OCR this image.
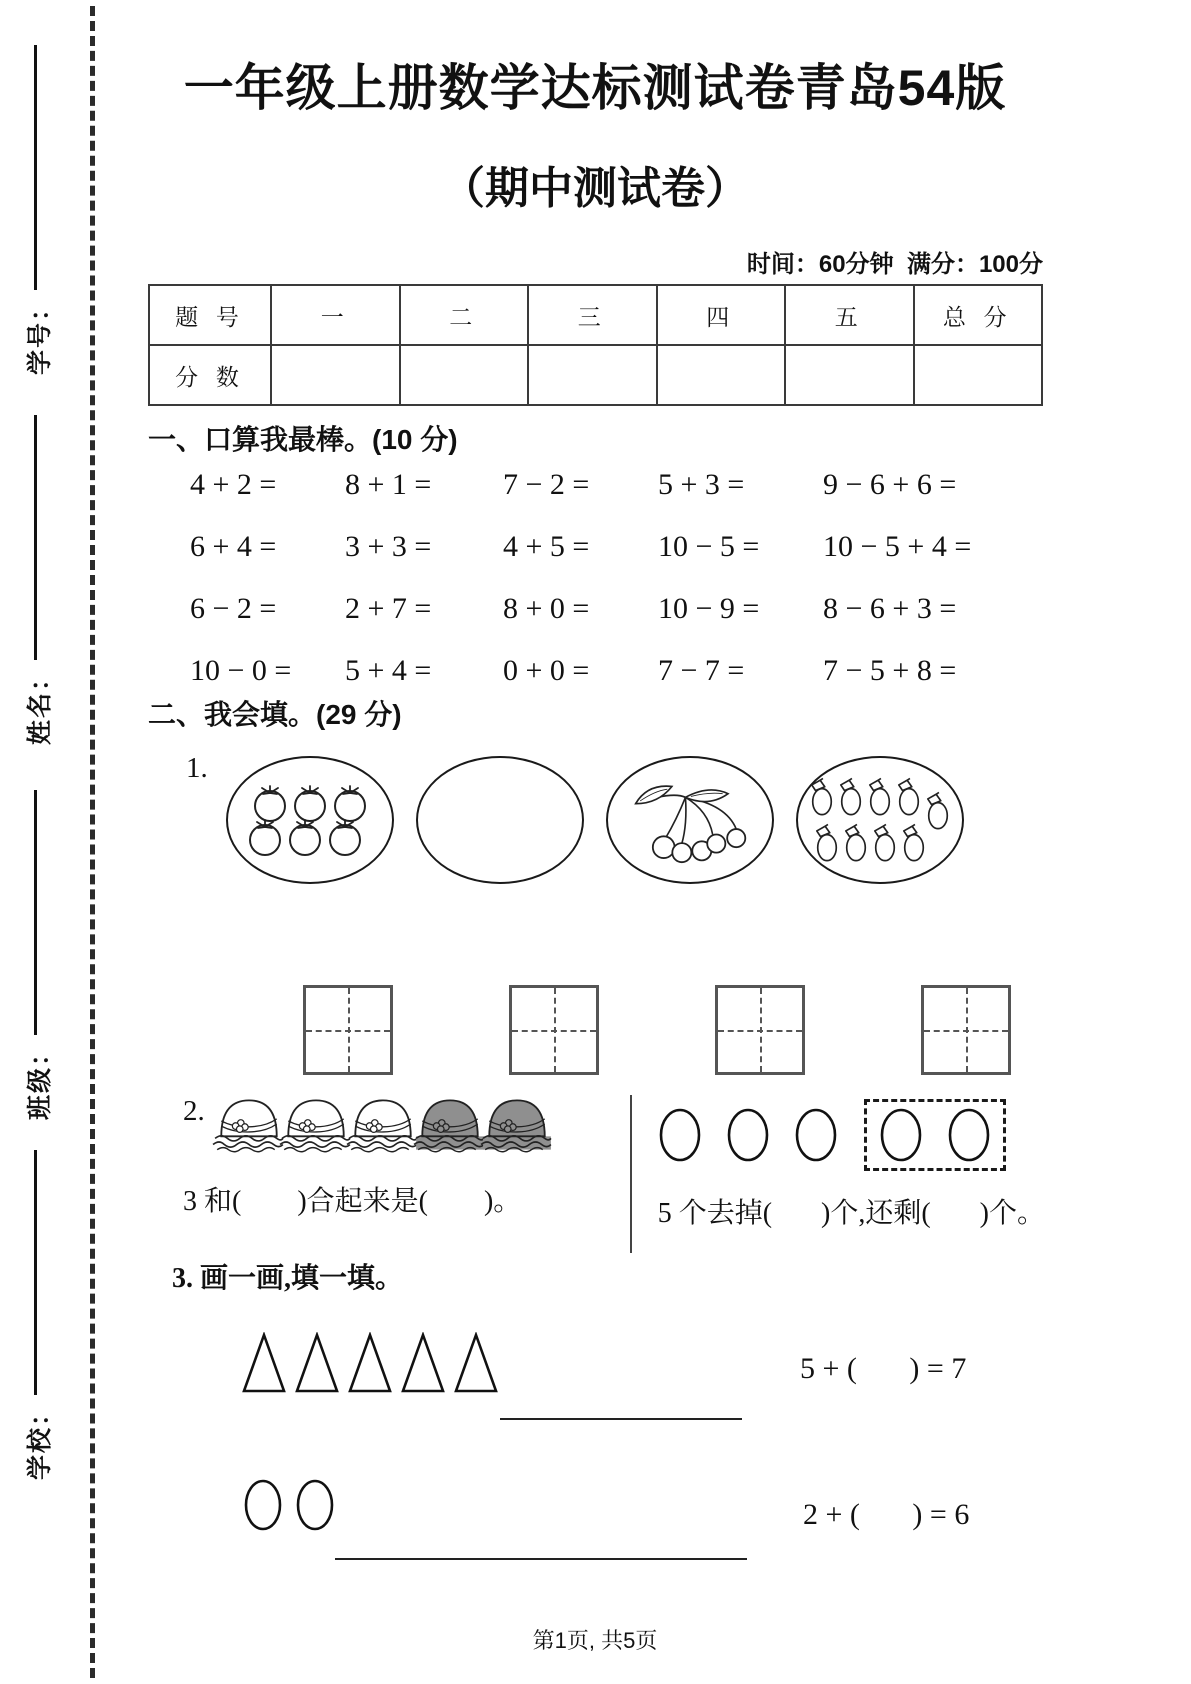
学号：
姓名：
班级：
学校：
一年级上册数学达标测试卷青岛54版
（期中测试卷）
时间：60分钟  满分：100分
题 号	一	二	三	四	五	总 分
分 数						
一、口算我最棒。(10 分)
4 + 2 =	8 + 1 =	7 − 2 =	5 + 3 =	9 − 6 + 6 =
6 + 4 =	3 + 3 =	4 + 5 =	10 − 5 =	10 − 5 + 4 =
6 − 2 =	2 + 7 =	8 + 0 =	10 − 9 =	8 − 6 + 3 =
10 − 0 =	5 + 4 =	0 + 0 =	7 − 7 =	7 − 5 + 8 =
二、我会填。(29 分)
1.
2.
3 和(        )合起来是(        )。	5 个去掉(       )个,还剩(       )个。
3. 画一画,填一填。
5 + (       ) = 7
2 + (       ) = 6
第1页, 共5页
